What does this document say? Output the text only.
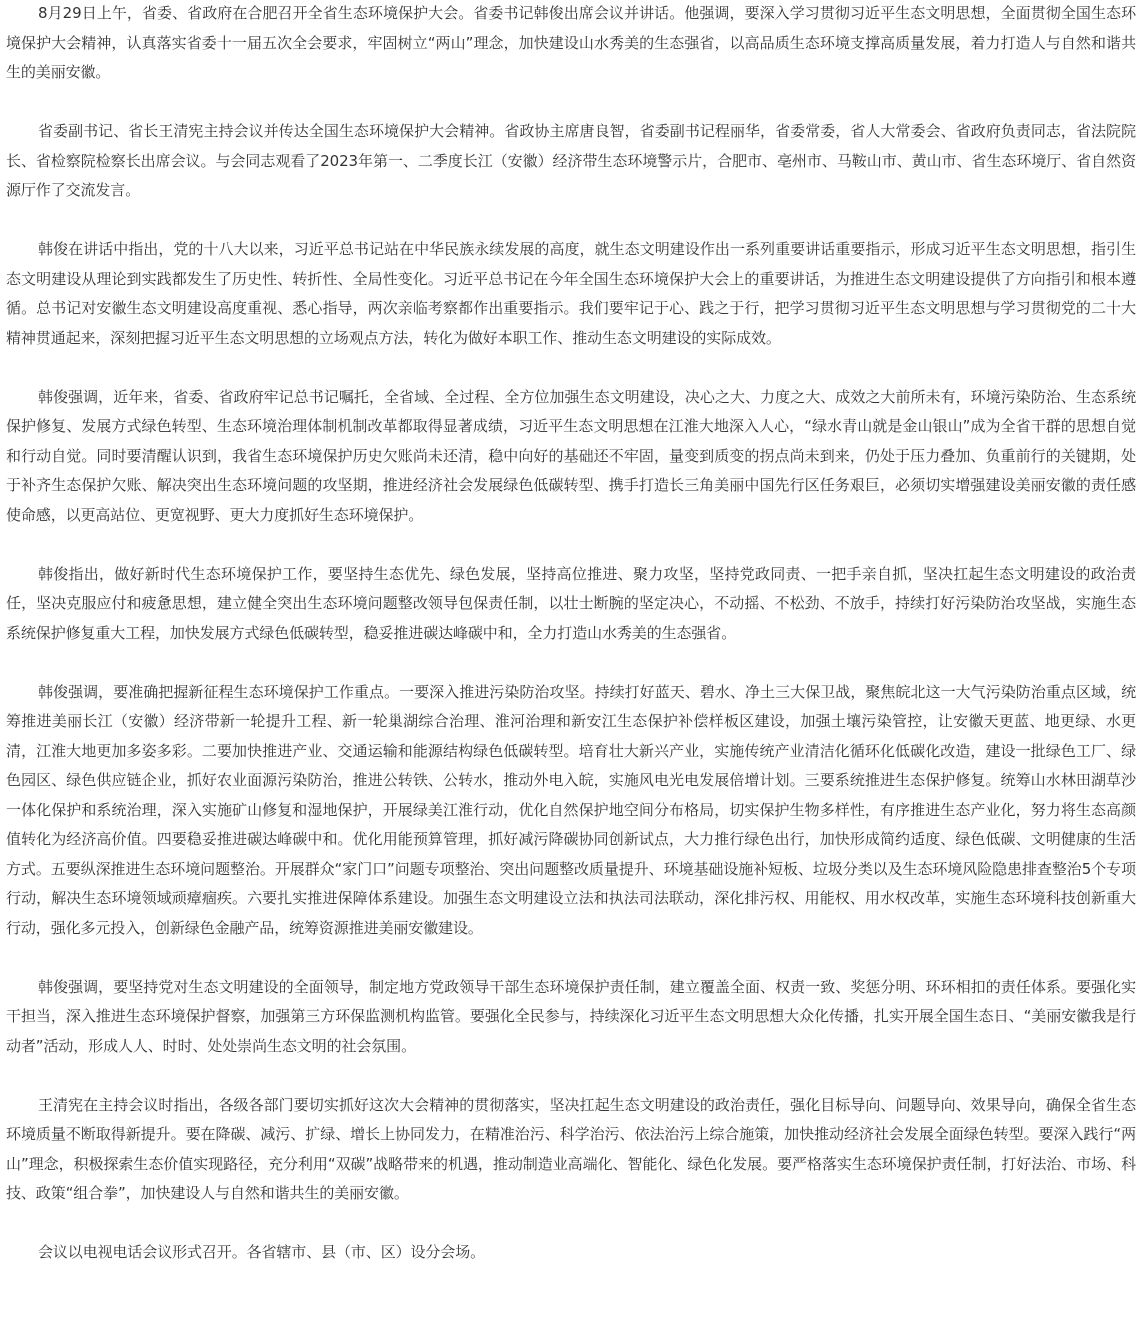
8月29日上午，省委、省政府在合肥召开全省生态环境保护大会。省委书记韩俊出席会议并讲话。他强调，要深入学习贯彻习近平生态文明思想，全面贯彻全国生态环境保护大会精神，认真落实省委十一届五次全会要求，牢固树立“两山”理念，加快建设山水秀美的生态强省，以高品质生态环境支撑高质量发展，着力打造人与自然和谐共生的美丽安徽。

省委副书记、省长王清宪主持会议并传达全国生态环境保护大会精神。省政协主席唐良智，省委副书记程丽华，省委常委，省人大常委会、省政府负责同志，省法院院长、省检察院检察长出席会议。与会同志观看了2023年第一、二季度长江（安徽）经济带生态环境警示片，合肥市、亳州市、马鞍山市、黄山市、省生态环境厅、省自然资源厅作了交流发言。

韩俊在讲话中指出，党的十八大以来，习近平总书记站在中华民族永续发展的高度，就生态文明建设作出一系列重要讲话重要指示，形成习近平生态文明思想，指引生态文明建设从理论到实践都发生了历史性、转折性、全局性变化。习近平总书记在今年全国生态环境保护大会上的重要讲话，为推进生态文明建设提供了方向指引和根本遵循。总书记对安徽生态文明建设高度重视、悉心指导，两次亲临考察都作出重要指示。我们要牢记于心、践之于行，把学习贯彻习近平生态文明思想与学习贯彻党的二十大精神贯通起来，深刻把握习近平生态文明思想的立场观点方法，转化为做好本职工作、推动生态文明建设的实际成效。

韩俊强调，近年来，省委、省政府牢记总书记嘱托，全省域、全过程、全方位加强生态文明建设，决心之大、力度之大、成效之大前所未有，环境污染防治、生态系统保护修复、发展方式绿色转型、生态环境治理体制机制改革都取得显著成绩，习近平生态文明思想在江淮大地深入人心，“绿水青山就是金山银山”成为全省干群的思想自觉和行动自觉。同时要清醒认识到，我省生态环境保护历史欠账尚未还清，稳中向好的基础还不牢固，量变到质变的拐点尚未到来，仍处于压力叠加、负重前行的关键期，处于补齐生态保护欠账、解决突出生态环境问题的攻坚期，推进经济社会发展绿色低碳转型、携手打造长三角美丽中国先行区任务艰巨，必须切实增强建设美丽安徽的责任感使命感，以更高站位、更宽视野、更大力度抓好生态环境保护。

韩俊指出，做好新时代生态环境保护工作，要坚持生态优先、绿色发展，坚持高位推进、聚力攻坚，坚持党政同责、一把手亲自抓，坚决扛起生态文明建设的政治责任，坚决克服应付和疲惫思想，建立健全突出生态环境问题整改领导包保责任制，以壮士断腕的坚定决心，不动摇、不松劲、不放手，持续打好污染防治攻坚战，实施生态系统保护修复重大工程，加快发展方式绿色低碳转型，稳妥推进碳达峰碳中和，全力打造山水秀美的生态强省。

韩俊强调，要准确把握新征程生态环境保护工作重点。一要深入推进污染防治攻坚。持续打好蓝天、碧水、净土三大保卫战，聚焦皖北这一大气污染防治重点区域，统筹推进美丽长江（安徽）经济带新一轮提升工程、新一轮巢湖综合治理、淮河治理和新安江生态保护补偿样板区建设，加强土壤污染管控，让安徽天更蓝、地更绿、水更清，江淮大地更加多姿多彩。二要加快推进产业、交通运输和能源结构绿色低碳转型。培育壮大新兴产业，实施传统产业清洁化循环化低碳化改造，建设一批绿色工厂、绿色园区、绿色供应链企业，抓好农业面源污染防治，推进公转铁、公转水，推动外电入皖，实施风电光电发展倍增计划。三要系统推进生态保护修复。统筹山水林田湖草沙一体化保护和系统治理，深入实施矿山修复和湿地保护，开展绿美江淮行动，优化自然保护地空间分布格局，切实保护生物多样性，有序推进生态产业化，努力将生态高颜值转化为经济高价值。四要稳妥推进碳达峰碳中和。优化用能预算管理，抓好减污降碳协同创新试点，大力推行绿色出行，加快形成简约适度、绿色低碳、文明健康的生活方式。五要纵深推进生态环境问题整治。开展群众“家门口”问题专项整治、突出问题整改质量提升、环境基础设施补短板、垃圾分类以及生态环境风险隐患排查整治5个专项行动，解决生态环境领域顽瘴痼疾。六要扎实推进保障体系建设。加强生态文明建设立法和执法司法联动，深化排污权、用能权、用水权改革，实施生态环境科技创新重大行动，强化多元投入，创新绿色金融产品，统筹资源推进美丽安徽建设。

韩俊强调，要坚持党对生态文明建设的全面领导，制定地方党政领导干部生态环境保护责任制，建立覆盖全面、权责一致、奖惩分明、环环相扣的责任体系。要强化实干担当，深入推进生态环境保护督察，加强第三方环保监测机构监管。要强化全民参与，持续深化习近平生态文明思想大众化传播，扎实开展全国生态日、“美丽安徽我是行动者”活动，形成人人、时时、处处崇尚生态文明的社会氛围。

王清宪在主持会议时指出，各级各部门要切实抓好这次大会精神的贯彻落实，坚决扛起生态文明建设的政治责任，强化目标导向、问题导向、效果导向，确保全省生态环境质量不断取得新提升。要在降碳、减污、扩绿、增长上协同发力，在精准治污、科学治污、依法治污上综合施策，加快推动经济社会发展全面绿色转型。要深入践行“两山”理念，积极探索生态价值实现路径，充分利用“双碳”战略带来的机遇，推动制造业高端化、智能化、绿色化发展。要严格落实生态环境保护责任制，打好法治、市场、科技、政策“组合拳”，加快建设人与自然和谐共生的美丽安徽。

会议以电视电话会议形式召开。各省辖市、县（市、区）设分会场。
